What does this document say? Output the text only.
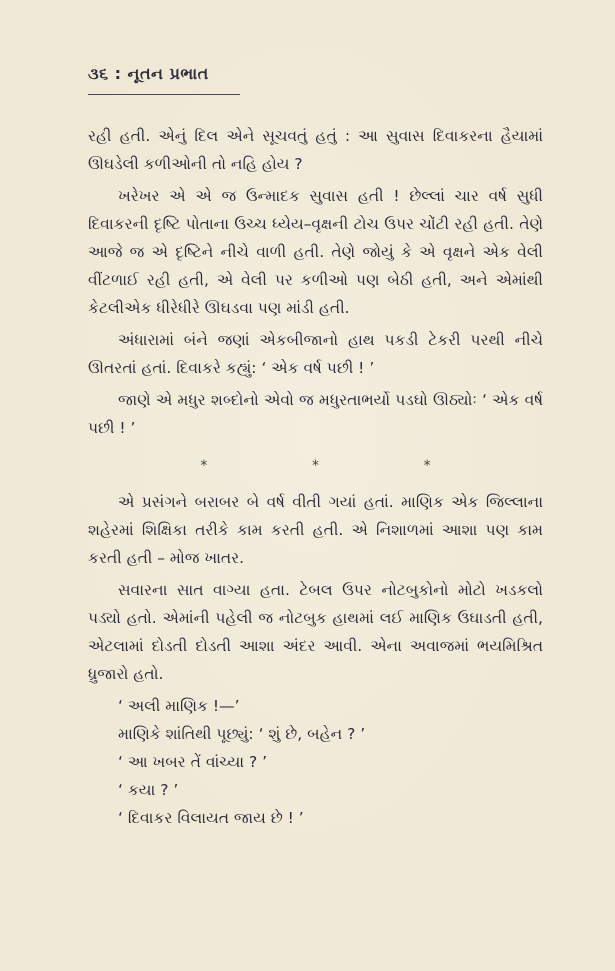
૩૬ : નૂતન પ્રભાત

રહી હતી. એનું દિલ એને સૂચવતું હતું : આ સુવાસ દિવાકરના હૈયામાં ઊઘડેલી કળીઓની તો નહિ હોય ?

ખરેખર એ એ જ ઉન્માદક સુવાસ હતી ! છેલ્લાં ચાર વર્ષ સુધી દિવાકરની દૃષ્ટિ પોતાના ઉચ્ચ ધ્યેય–વૃક્ષની ટોચ ઉપર ચોંટી રહી હતી. તેણે આજે જ એ દૃષ્ટિને નીચે વાળી હતી. તેણે જોયું કે એ વૃક્ષને એક વેલી વીંટળાઈ રહી હતી, એ વેલી પર કળીઓ પણ બેઠી હતી, અને એમાંથી કેટલીએક ધીરેધીરે ઊઘડવા પણ માંડી હતી.

અંધારામાં બંને જણાં એકબીજાનો હાથ પકડી ટેકરી પરથી નીચે ઊતરતાં હતાં. દિવાકરે કહ્યું: ‘ એક વર્ષ પછી ! ’

જાણે એ મધુર શબ્દોનો એવો જ મધુરતાભર્યો પડઘો ઊઠ્યોઃ ‘ એક વર્ષ પછી ! ’

*	*	*

એ પ્રસંગને બરાબર બે વર્ષ વીતી ગયાં હતાં. માણિક એક જિલ્લાના શહેરમાં શિક્ષિકા તરીકે કામ કરતી હતી. એ નિશાળમાં આશા પણ કામ કરતી હતી – મોજ ખાતર.

સવારના સાત વાગ્યા હતા. ટેબલ ઉપર નોટબુકોનો મોટો ખડકલો પડ્યો હતો. એમાંની પહેલી જ નોટબુક હાથમાં લઈ માણિક ઉઘાડતી હતી, એટલામાં દોડતી દોડતી આશા અંદર આવી. એના અવાજમાં ભયમિશ્રિત ધ્રુજારો હતો.

‘ અલી માણિક !—’

માણિકે શાંતિથી પૂછ્યું: ‘ શું છે, બહેન ? ’

‘ આ ખબર તેં વાંચ્યા ? ’

‘ કયા ? ’

‘ દિવાકર વિલાયત જાય છે ! ’
